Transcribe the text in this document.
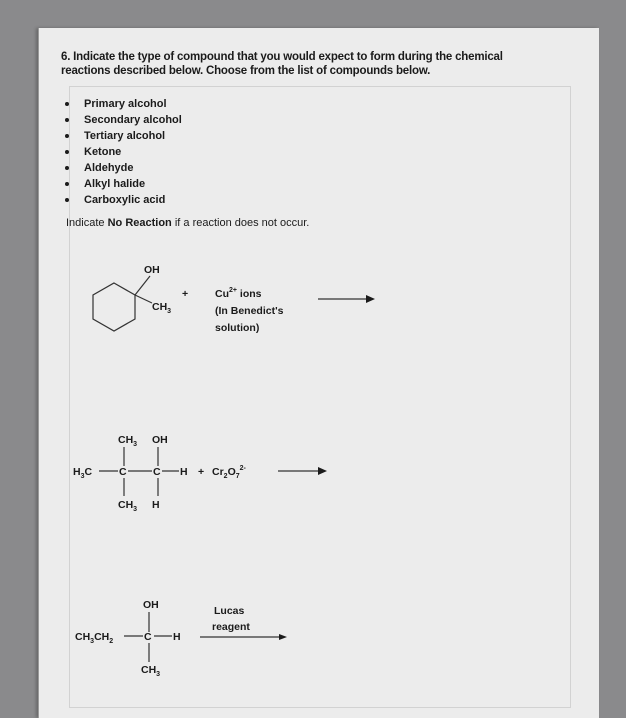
6. Indicate the type of compound that you would expect to form during the chemical
reactions described below. Choose from the list of compounds below.
Primary alcohol
Secondary alcohol
Tertiary alcohol
Ketone
Aldehyde
Alkyl halide
Carboxylic acid
Indicate No Reaction if a reaction does not occur.
OH
$CH_3$
+	$Cu^{2+}$ ions
(In Benedict's
solution)
$CH_3$ OH
$H_3C$	C	C H
$CH_3$ H
+ $Cr_2O_7^{2-}$
OH
$CH_3CH_2$	C H
$CH_3$
Lucas
reagent
